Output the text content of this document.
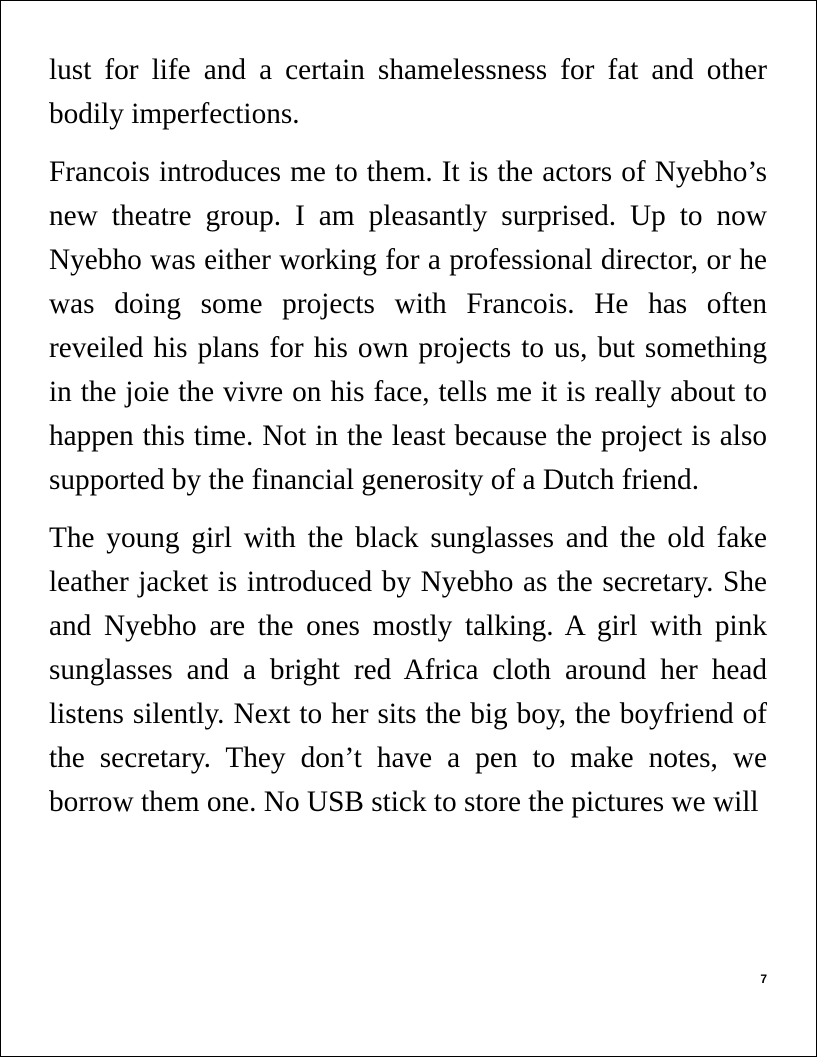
lust for life and a certain shamelessness for fat and other bodily imperfections.

Francois introduces me to them. It is the actors of Nyebho’s new theatre group. I am pleasantly surprised. Up to now Nyebho was either working for a professional director, or he was doing some projects with Francois. He has often reveiled his plans for his own projects to us, but something in the joie the vivre on his face, tells me it is really about to happen this time. Not in the least because the project is also supported by the financial generosity of a Dutch friend.

The young girl with the black sunglasses and the old fake leather jacket is introduced by Nyebho as the secretary. She and Nyebho are the ones mostly talking. A girl with pink sunglasses and a bright red Africa cloth around her head listens silently. Next to her sits the big boy, the boyfriend of the secretary. They don’t have a pen to make notes, we borrow them one. No USB stick to store the pictures we will

7
